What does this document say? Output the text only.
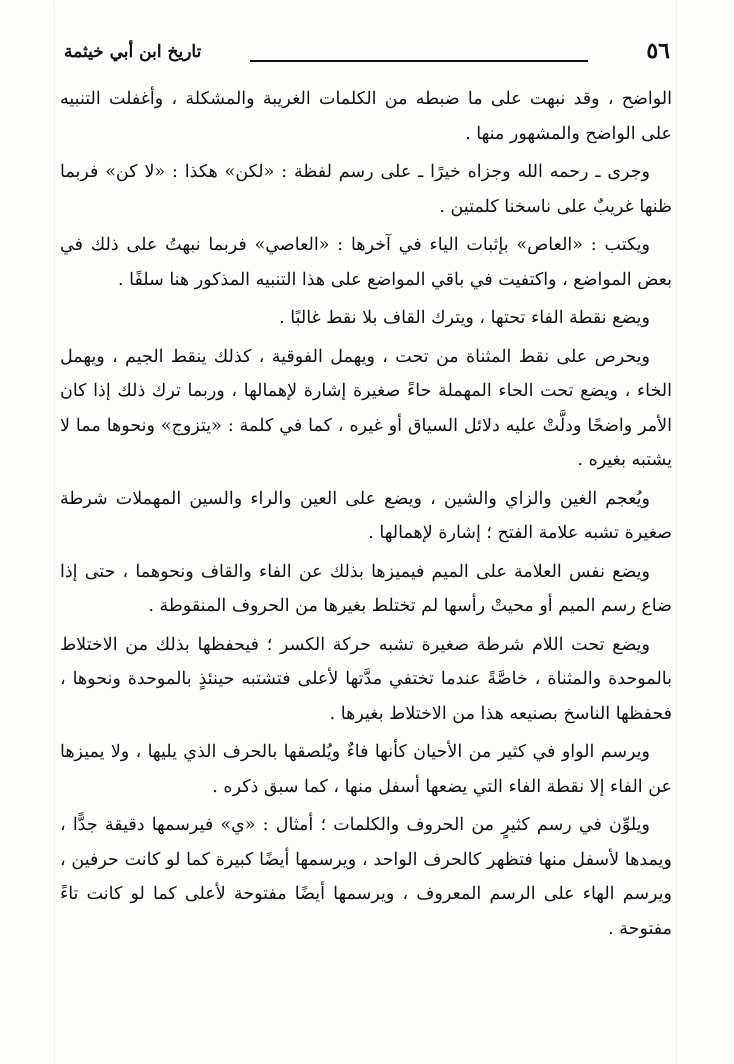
٥٦
تاريخ ابن أبي خيثمة

الواضح ، وقد نبهت على ما ضبطه من الكلمات الغريبة والمشكلة ، وأغفلت التنبيه على الواضح والمشهور منها .

وجرى ـ رحمه الله وجزاه خيرًا ـ على رسم لفظة : «لكن» هكذا : «لا كن» فربما ظنها غريبٌ على ناسخنا كلمتين .

ويكتب : «العاص» بإثبات الياء في آخرها : «العاصي» فربما نبهتُ على ذلك في بعض المواضع ، واكتفيت في باقي المواضع على هذا التنبيه المذكور هنا سلفًا .

ويضع نقطة الفاء تحتها ، ويترك القاف بلا نقط غالبًا .

ويحرص على نقط المثناة من تحت ، ويهمل الفوقية ، كذلك ينقط الجيم ، ويهمل الخاء ، ويضع تحت الحاء المهملة حاءً صغيرة إشارة لإهمالها ، وربما ترك ذلك إذا كان الأمر واضحًا ودلَّتْ عليه دلائل السياق أو غيره ، كما في كلمة : «يتزوج» ونحوها مما لا يشتبه بغيره .

ويُعجم الغين والزاي والشين ، ويضع على العين والراء والسين المهملات شرطة صغيرة تشبه علامة الفتح ؛ إشارة لإهمالها .

ويضع نفس العلامة على الميم فيميزها بذلك عن الفاء والقاف ونحوهما ، حتى إذا ضاع رسم الميم أو محيتْ رأسها لم تختلط بغيرها من الحروف المنقوطة .

ويضع تحت اللام شرطة صغيرة تشبه حركة الكسر ؛ فيحفظها بذلك من الاختلاط بالموحدة والمثناة ، خاصَّةً عندما تختفي مدَّتها لأعلى فتشتبه حينئذٍ بالموحدة ونحوها ، فحفظها الناسخ بصنيعه هذا من الاختلاط بغيرها .

ويرسم الواو في كثير من الأحيان كأنها فاءٌ ويُلصقها بالحرف الذي يليها ، ولا يميزها عن الفاء إلا نقطة الفاء التي يضعها أسفل منها ، كما سبق ذكره .

ويلوِّن في رسم كثيرٍ من الحروف والكلمات ؛ أمثال : «ي» فيرسمها دقيقة جدًّا ، ويمدها لأسفل منها فتظهر كالحرف الواحد ، ويرسمها أيضًا كبيرة كما لو كانت حرفين ، ويرسم الهاء على الرسم المعروف ، ويرسمها أيضًا مفتوحة لأعلى كما لو كانت تاءً مفتوحة .
